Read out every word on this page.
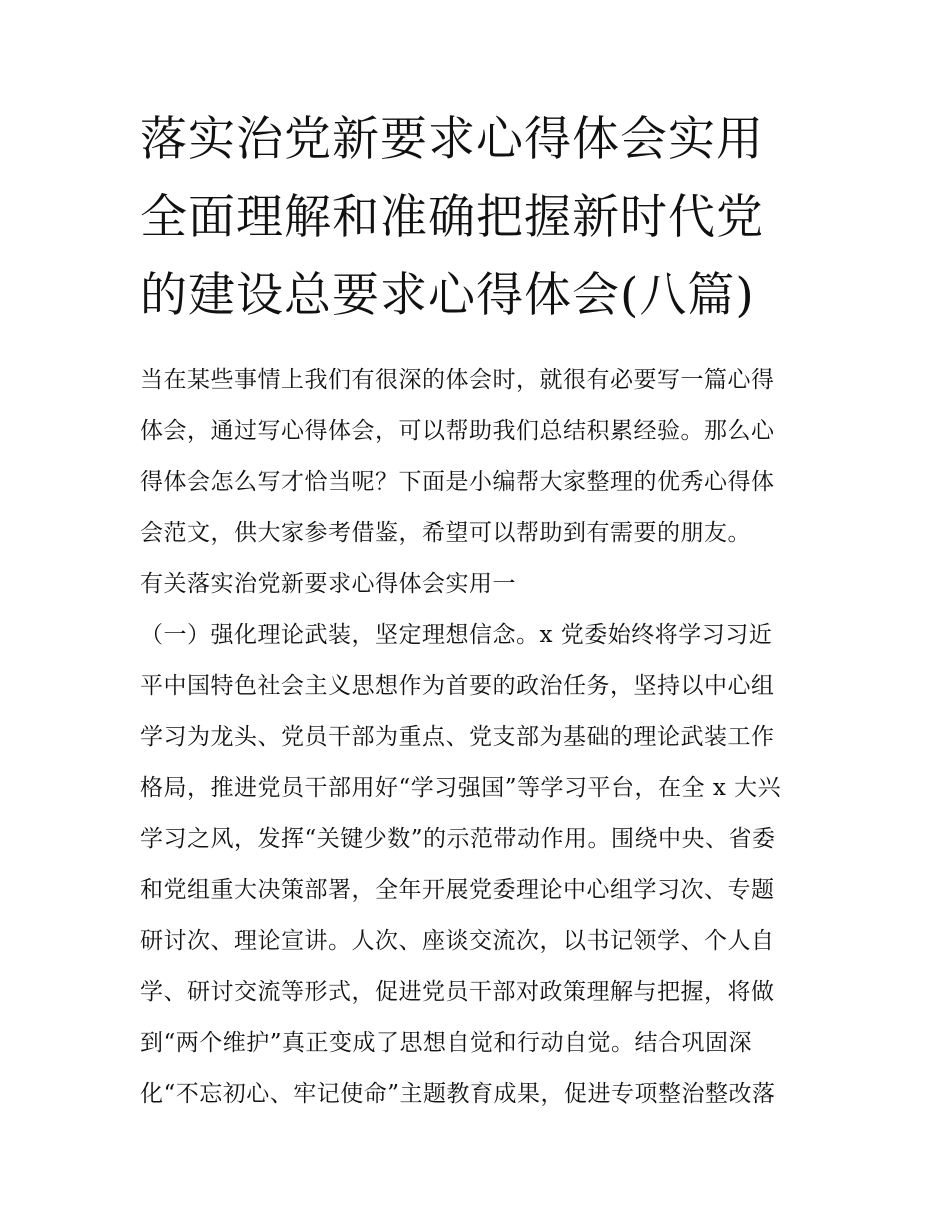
落实治党新要求心得体会实用
全面理解和准确把握新时代党
的建设总要求心得体会(八篇)
当在某些事情上我们有很深的体会时，就很有必要写一篇心得
体会，通过写心得体会，可以帮助我们总结积累经验。那么心
得体会怎么写才恰当呢？下面是小编帮大家整理的优秀心得体
会范文，供大家参考借鉴，希望可以帮助到有需要的朋友。
有关落实治党新要求心得体会实用一
（一）强化理论武装，坚定理想信念。x 党委始终将学习习近
平中国特色社会主义思想作为首要的政治任务，坚持以中心组
学习为龙头、党员干部为重点、党支部为基础的理论武装工作
格局，推进党员干部用好“学习强国”等学习平台，在全 x 大兴
学习之风，发挥“关键少数”的示范带动作用。围绕中央、省委
和党组重大决策部署，全年开展党委理论中心组学习次、专题
研讨次、理论宣讲。人次、座谈交流次，以书记领学、个人自
学、研讨交流等形式，促进党员干部对政策理解与把握，将做
到“两个维护”真正变成了思想自觉和行动自觉。结合巩固深
化“不忘初心、牢记使命”主题教育成果，促进专项整治整改落
